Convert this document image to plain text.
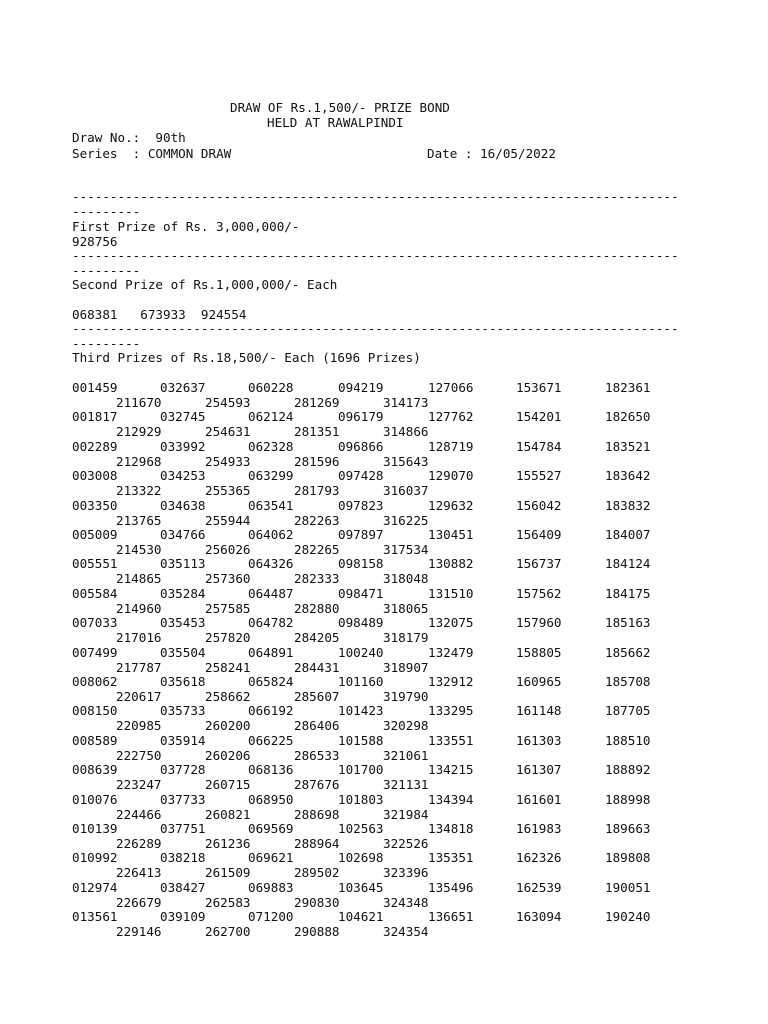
DRAW OF Rs.1,500/- PRIZE BOND
HELD AT RAWALPINDI
Draw No.: 90th
Series  : COMMON DRAW	Date : 16/05/2022
--------------------------------------------------------------------------------
---------
First Prize of Rs. 3,000,000/-
928756
--------------------------------------------------------------------------------
---------
Second Prize of Rs.1,000,000/- Each
068381 673933 924554
--------------------------------------------------------------------------------
---------
Third Prizes of Rs.18,500/- Each (1696 Prizes)
001459	032637	060228	094219	127066	153671	182361
211670	254593	281269	314173
001817	032745	062124	096179	127762	154201	182650
212929	254631	281351	314866
002289	033992	062328	096866	128719	154784	183521
212968	254933	281596	315643
003008	034253	063299	097428	129070	155527	183642
213322	255365	281793	316037
003350	034638	063541	097823	129632	156042	183832
213765	255944	282263	316225
005009	034766	064062	097897	130451	156409	184007
214530	256026	282265	317534
005551	035113	064326	098158	130882	156737	184124
214865	257360	282333	318048
005584	035284	064487	098471	131510	157562	184175
214960	257585	282880	318065
007033	035453	064782	098489	132075	157960	185163
217016	257820	284205	318179
007499	035504	064891	100240	132479	158805	185662
217787	258241	284431	318907
008062	035618	065824	101160	132912	160965	185708
220617	258662	285607	319790
008150	035733	066192	101423	133295	161148	187705
220985	260200	286406	320298
008589	035914	066225	101588	133551	161303	188510
222750	260206	286533	321061
008639	037728	068136	101700	134215	161307	188892
223247	260715	287676	321131
010076	037733	068950	101803	134394	161601	188998
224466	260821	288698	321984
010139	037751	069569	102563	134818	161983	189663
226289	261236	288964	322526
010992	038218	069621	102698	135351	162326	189808
226413	261509	289502	323396
012974	038427	069883	103645	135496	162539	190051
226679	262583	290830	324348
013561	039109	071200	104621	136651	163094	190240
229146	262700	290888	324354
